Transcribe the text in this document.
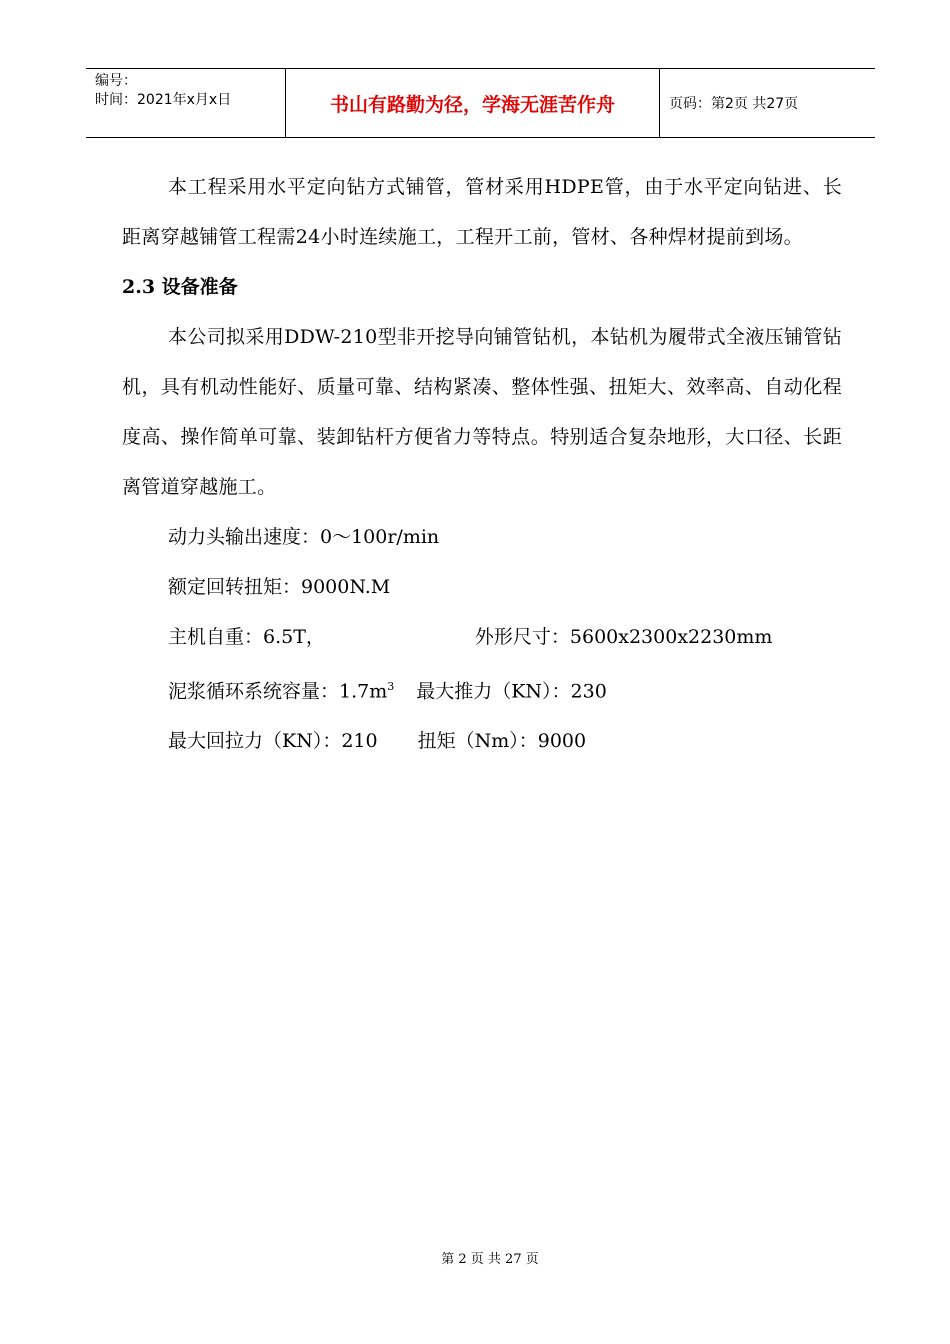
编号：
时间：2021年x月x日	书山有路勤为径，学海无涯苦作舟	页码：第2页 共27页

本工程采用水平定向钻方式铺管，管材采用HDPE管，由于水平定向钻进、长距离穿越铺管工程需24小时连续施工，工程开工前，管材、各种焊材提前到场。

2.3 设备准备

本公司拟采用DDW-210型非开挖导向铺管钻机，本钻机为履带式全液压铺管钻机，具有机动性能好、质量可靠、结构紧凑、整体性强、扭矩大、效率高、自动化程度高、操作简单可靠、装卸钻杆方便省力等特点。特别适合复杂地形，大口径、长距离管道穿越施工。

动力头输出速度：0～100r/min

额定回转扭矩：9000N.M

主机自重：6.5T，	外形尺寸：5600x2300x2230mm

泥浆循环系统容量：$1.7m^3$ 最大推力（KN）：230

最大回拉力（KN）：210 扭矩（Nm）：9000

第 2 页 共 27 页
